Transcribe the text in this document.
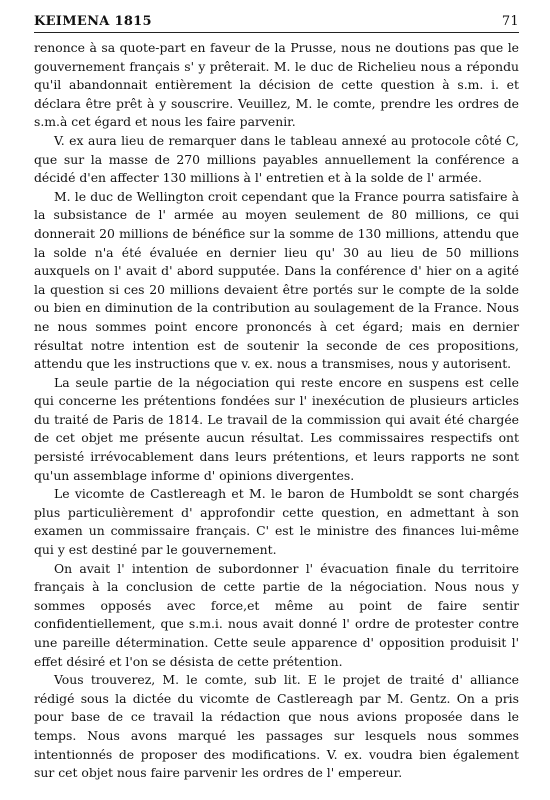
KEIMENA 1815	71

renonce à sa quote-part en faveur de la Prusse, nous ne doutions pas que le gouvernement français s' y prêterait. M. le duc de Richelieu nous a répondu qu'il abandonnait entièrement la décision de cette question à s.m. i. et déclara être prêt à y souscrire. Veuillez, M. le comte, prendre les ordres de s.m.à cet égard et nous les faire parvenir.

V. ex aura lieu de remarquer dans le tableau annexé au protocole côté C, que sur la masse de 270 millions payables annuellement la conférence a décidé d'en affecter 130 millions à l' entretien et à la solde de l' armée.

M. le duc de Wellington croit cependant que la France pourra satisfaire à la subsistance de l' armée au moyen seulement de 80 millions, ce qui donnerait 20 millions de bénéfice sur la somme de 130 millions, attendu que la solde n'a été évaluée en dernier lieu qu' 30 au lieu de 50 millions auxquels on l' avait d' abord supputée. Dans la conférence d' hier on a agité la question si ces 20 millions devaient être portés sur le compte de la solde ou bien en diminution de la contribution au soulagement de la France. Nous ne nous sommes point encore prononcés à cet égard; mais en dernier résultat notre intention est de soutenir la seconde de ces propositions, attendu que les instructions que v. ex. nous a transmises, nous y autorisent.

La seule partie de la négociation qui reste encore en suspens est celle qui concerne les prétentions fondées sur l' inexécution de plusieurs articles du traité de Paris de 1814. Le travail de la commission qui avait été chargée de cet objet me présente aucun résultat. Les commissaires respectifs ont persisté irrévocablement dans leurs prétentions, et leurs rapports ne sont qu'un assemblage informe d' opinions divergentes.

Le vicomte de Castlereagh et M. le baron de Humboldt se sont chargés plus particulièrement d' approfondir cette question, en admettant à son examen un commissaire français. C' est le ministre des finances lui-même qui y est destiné par le gouvernement.

On avait l' intention de subordonner l' évacuation finale du territoire français à la conclusion de cette partie de la négociation. Nous nous y sommes opposés avec force,et même au point de faire sentir confidentiellement, que s.m.i. nous avait donné l' ordre de protester contre une pareille détermination. Cette seule apparence d' opposition produisit l' effet désiré et l'on se désista de cette prétention.

Vous trouverez, M. le comte, sub lit. E le projet de traité d' alliance rédigé sous la dictée du vicomte de Castlereagh par M. Gentz. On a pris pour base de ce travail la rédaction que nous avions proposée dans le temps. Nous avons marqué les passages sur lesquels nous sommes intentionnés de proposer des modifications. V. ex. voudra bien également sur cet objet nous faire parvenir les ordres de l' empereur.
